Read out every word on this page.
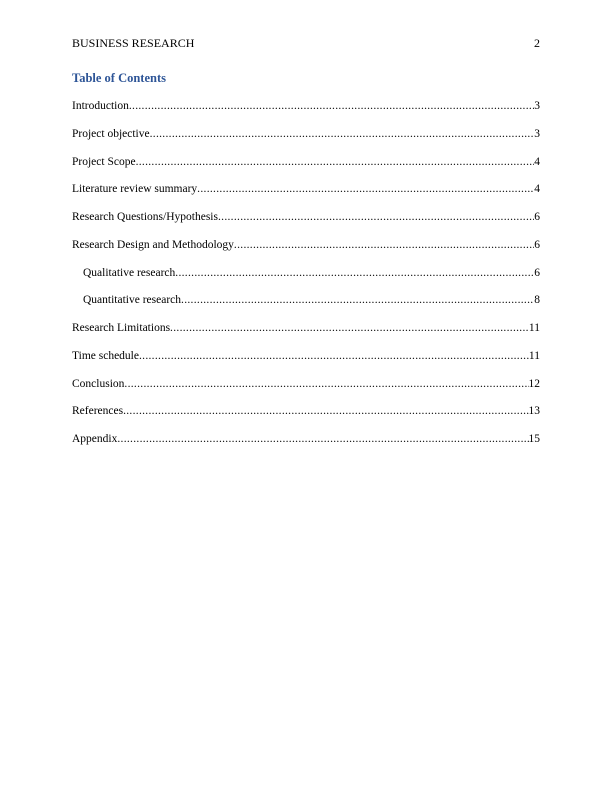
BUSINESS RESEARCH	2
Table of Contents
Introduction .....	3
Project objective .....	3
Project Scope .....	4
Literature review summary .....	4
Research Questions/Hypothesis .....	6
Research Design and Methodology .....	6
Qualitative research .....	6
Quantitative research .....	8
Research Limitations .....	11
Time schedule .....	11
Conclusion .....	12
References .....	13
Appendix .....	15
